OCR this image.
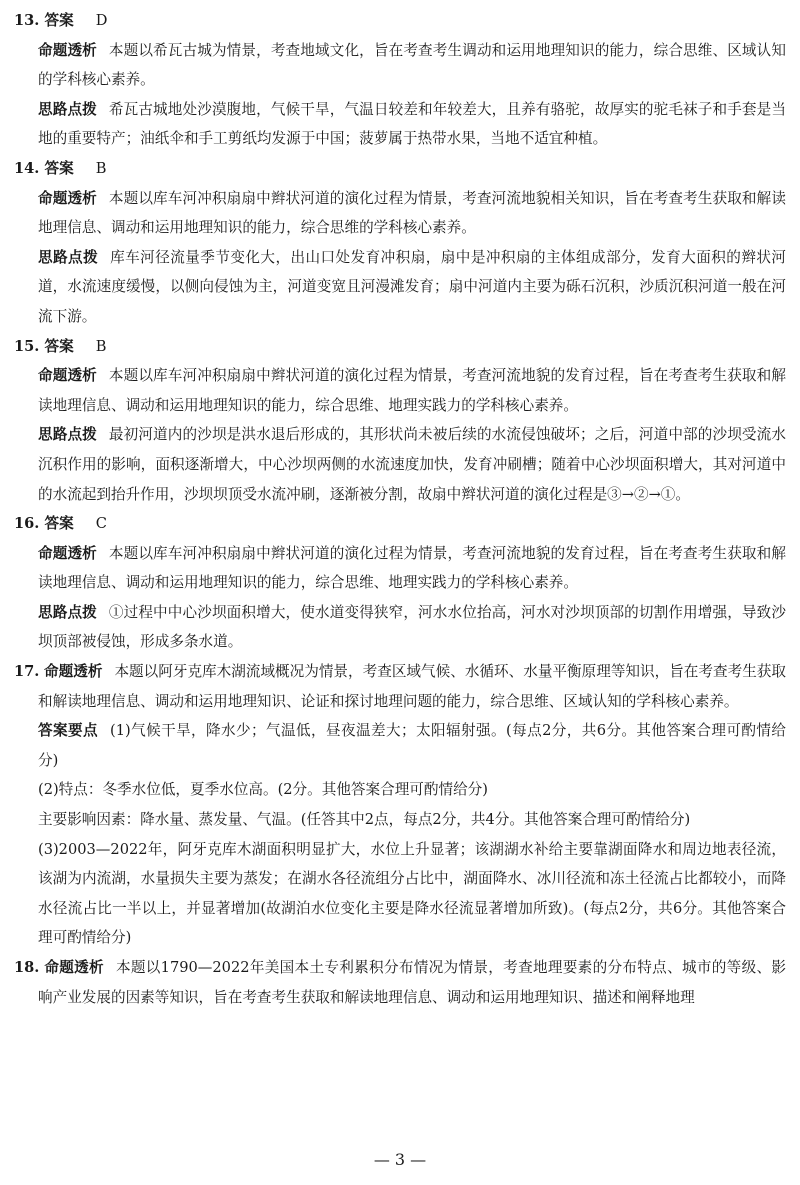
13. 答案 D
命题透析 本题以希瓦古城为情景，考查地域文化，旨在考查考生调动和运用地理知识的能力，综合思维、区域认知的学科核心素养。
思路点拨 希瓦古城地处沙漠腹地，气候干旱，气温日较差和年较差大，且养有骆驼，故厚实的驼毛袜子和手套是当地的重要特产；油纸伞和手工剪纸均发源于中国；菠萝属于热带水果，当地不适宜种植。
14. 答案 B
命题透析 本题以库车河冲积扇扇中辫状河道的演化过程为情景，考查河流地貌相关知识，旨在考查考生获取和解读地理信息、调动和运用地理知识的能力，综合思维的学科核心素养。
思路点拨 库车河径流量季节变化大，出山口处发育冲积扇，扇中是冲积扇的主体组成部分，发育大面积的辫状河道，水流速度缓慢，以侧向侵蚀为主，河道变宽且河漫滩发育；扇中河道内主要为砾石沉积，沙质沉积河道一般在河流下游。
15. 答案 B
命题透析 本题以库车河冲积扇扇中辫状河道的演化过程为情景，考查河流地貌的发育过程，旨在考查考生获取和解读地理信息、调动和运用地理知识的能力，综合思维、地理实践力的学科核心素养。
思路点拨 最初河道内的沙坝是洪水退后形成的，其形状尚未被后续的水流侵蚀破坏；之后，河道中部的沙坝受流水沉积作用的影响，面积逐渐增大，中心沙坝两侧的水流速度加快，发育冲刷槽；随着中心沙坝面积增大，其对河道中的水流起到抬升作用，沙坝坝顶受水流冲刷，逐渐被分割，故扇中辫状河道的演化过程是③→②→①。
16. 答案 C
命题透析 本题以库车河冲积扇扇中辫状河道的演化过程为情景，考查河流地貌的发育过程，旨在考查考生获取和解读地理信息、调动和运用地理知识的能力，综合思维、地理实践力的学科核心素养。
思路点拨 ①过程中中心沙坝面积增大，使水道变得狭窄，河水水位抬高，河水对沙坝顶部的切割作用增强，导致沙坝顶部被侵蚀，形成多条水道。
17. 命题透析 本题以阿牙克库木湖流域概况为情景，考查区域气候、水循环、水量平衡原理等知识，旨在考查考生获取和解读地理信息、调动和运用地理知识、论证和探讨地理问题的能力，综合思维、区域认知的学科核心素养。
答案要点 (1)气候干旱，降水少；气温低，昼夜温差大；太阳辐射强。(每点2分，共6分。其他答案合理可酌情给分)
(2)特点：冬季水位低，夏季水位高。(2分。其他答案合理可酌情给分)
主要影响因素：降水量、蒸发量、气温。(任答其中2点，每点2分，共4分。其他答案合理可酌情给分)
(3)2003—2022年，阿牙克库木湖面积明显扩大，水位上升显著；该湖湖水补给主要靠湖面降水和周边地表径流，该湖为内流湖，水量损失主要为蒸发；在湖水各径流组分占比中，湖面降水、冰川径流和冻土径流占比都较小，而降水径流占比一半以上，并显著增加(故湖泊水位变化主要是降水径流显著增加所致)。(每点2分，共6分。其他答案合理可酌情给分)
18. 命题透析 本题以1790—2022年美国本土专利累积分布情况为情景，考查地理要素的分布特点、城市的等级、影响产业发展的因素等知识，旨在考查考生获取和解读地理信息、调动和运用地理知识、描述和阐释地理
— 3 —
